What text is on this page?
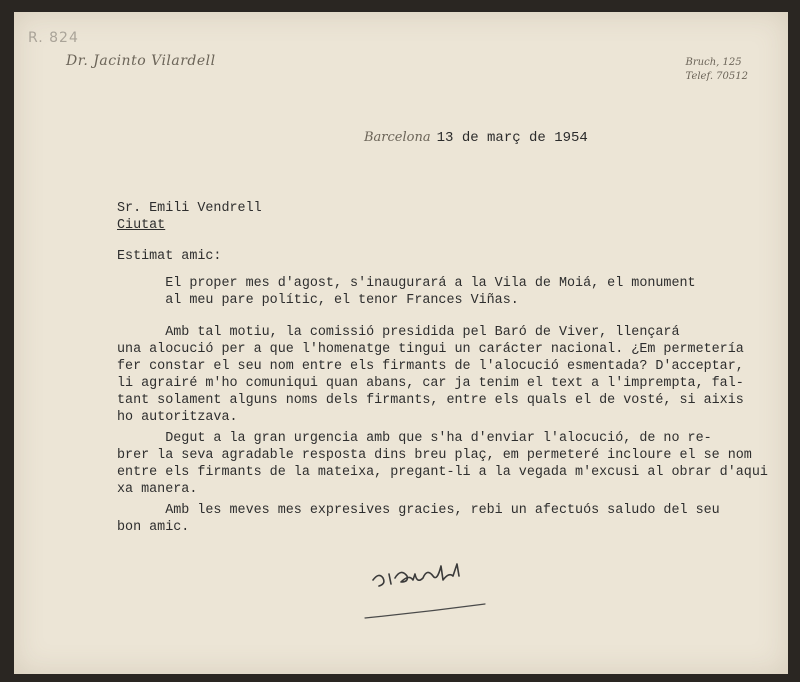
R. 824
Dr. Jacinto Vilardell	Bruch, 125
Telef. 70512
Barcelona 13 de març de 1954
Sr. Emili Vendrell
Ciutat
Estimat amic:
El proper mes d'agost, s'inaugurará a la Vila de Moiá, el monument
al meu pare polític, el tenor Frances Viñas.
Amb tal motiu, la comissió presidida pel Baró de Viver, llençará
una alocució per a que l'homenatge tingui un carácter nacional. ¿Em permetería
fer constar el seu nom entre els firmants de l'alocució esmentada? D'acceptar,
li agrairé m'ho comuniqui quan abans, car ja tenim el text a l'imprempta, fal-
tant solament alguns noms dels firmants, entre els quals el de vosté, si aixis
ho autoritzava.
Degut a la gran urgencia amb que s'ha d'enviar l'alocució, de no re-
brer la seva agradable resposta dins breu plaç, em permeteré incloure el se nom
entre els firmants de la mateixa, pregant-li a la vegada m'excusi al obrar d'aqui
xa manera.
Amb les meves mes expresives gracies, rebi un afectuós saludo del seu
bon amic.
